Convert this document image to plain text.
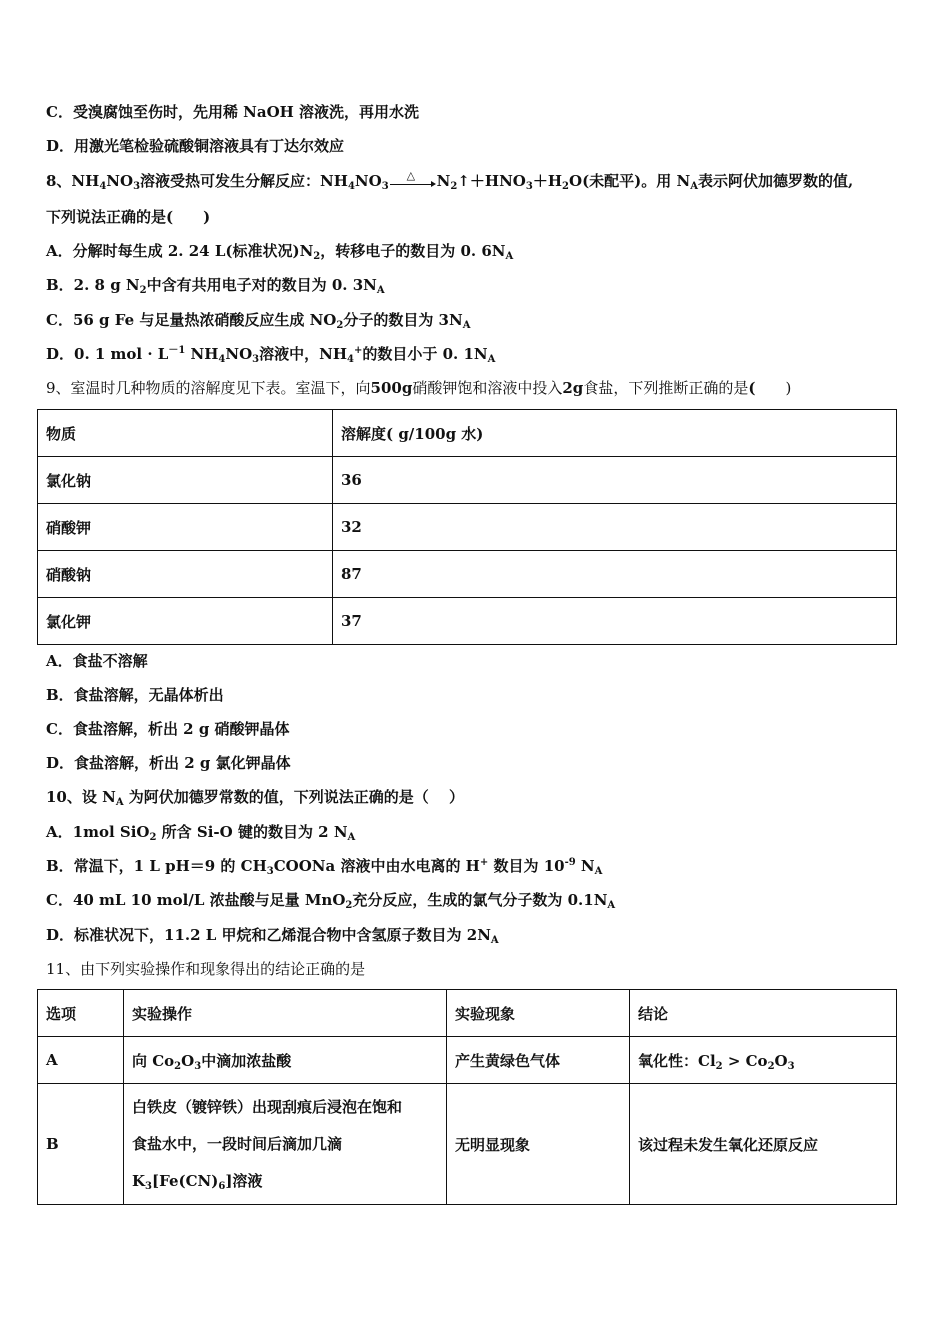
C．受溴腐蚀至伤时，先用稀 NaOH 溶液洗，再用水洗
D．用激光笔检验硫酸铜溶液具有丁达尔效应
8、$NH_4NO_3$溶液受热可发生分解反应：$NH_4NO_3$
△ $N_2↑+HNO_3+H_2O$(未配平)。用 $N_A$表示阿伏加德罗数的值,
下列说法正确的是(　　)
A．分解时每生成 2. 24 L(标准状况)$N_2$，转移电子的数目为 0. $6N_A$
B．2. 8 g $N_2$中含有共用电子对的数目为 0. $3N_A$
C．56 g Fe 与足量热浓硝酸反应生成 $NO_2$分子的数目为 $3N_A$
D．0. 1 mol · $L^{-1}$ $NH_4NO_3$溶液中，$NH_4^+$的数目小于 0. $1N_A$
9、室温时几种物质的溶解度见下表。室温下，向500g硝酸钾饱和溶液中投入2g食盐，下列推断正确的是(　　)
物质	溶解度( g/100g 水)
氯化钠	36
硝酸钾	32
硝酸钠	87
氯化钾	37
A．食盐不溶解
B．食盐溶解，无晶体析出
C．食盐溶解，析出 2 g 硝酸钾晶体
D．食盐溶解，析出 2 g 氯化钾晶体
10、设 $N_A$ 为阿伏加德罗常数的值，下列说法正确的是（　 ）
A．1mol SiO$_2$ 所含 Si-O 键的数目为 2 $N_A$
B．常温下，1 L pH＝9 的 $CH_3COONa$ 溶液中由水电离的 H+ 数目为 $10^{-9}$ $N_A$
C．40 mL 10 mol/L 浓盐酸与足量 MnO$_2$充分反应，生成的氯气分子数为 $0.1N_A$
D．标准状况下，11.2 L 甲烷和乙烯混合物中含氢原子数目为 $2N_A$
11、由下列实验操作和现象得出的结论正确的是
选项	实验操作	实验现象	结论
A	向 $Co_2O_3$中滴加浓盐酸	产生黄绿色气体	氧化性：$Cl_2 > Co_2O_3$
B	白铁皮（镀锌铁）出现刮痕后浸泡在饱和
食盐水中，一段时间后滴加几滴
$K_3[Fe(CN)_6]$溶液	无明显现象	该过程未发生氧化还原反应
